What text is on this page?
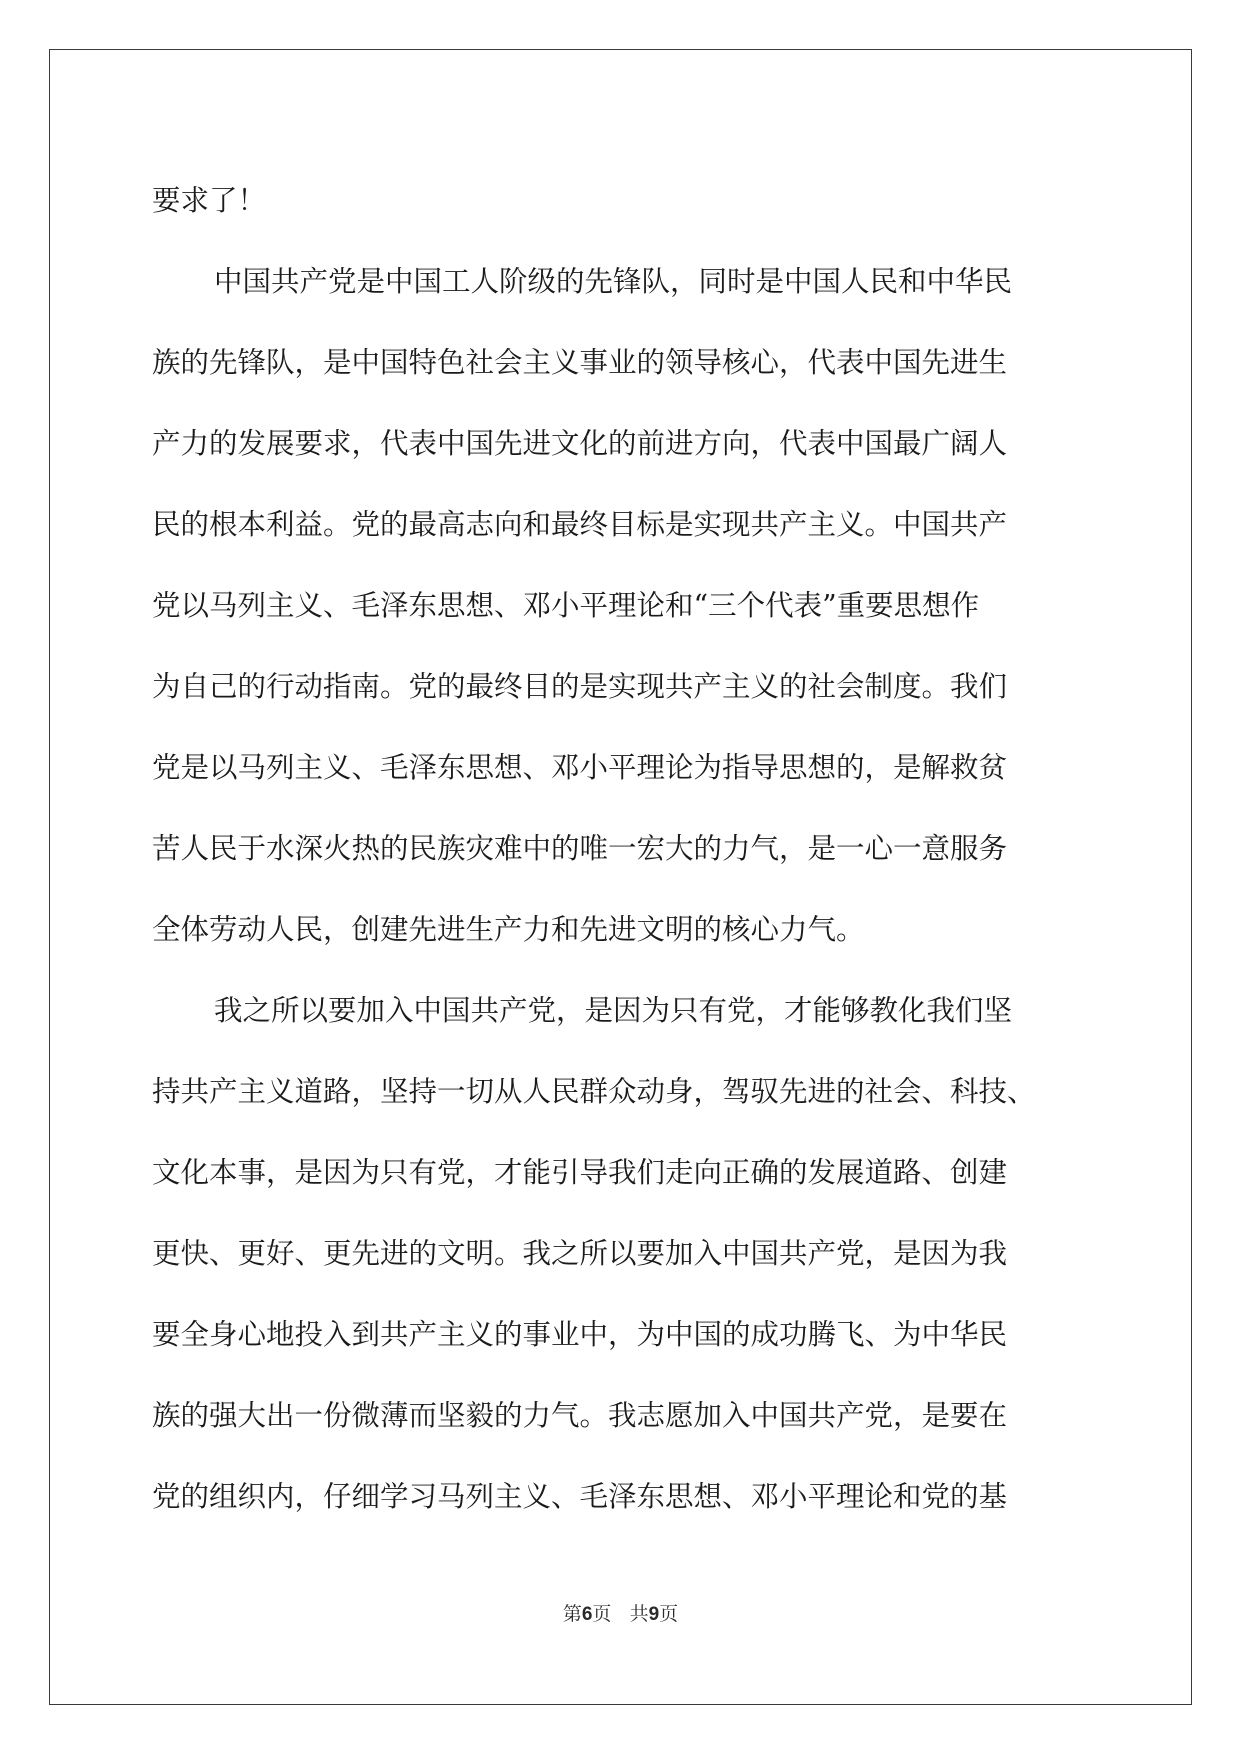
要求了！

中国共产党是中国工人阶级的先锋队，同时是中国人民和中华民

族的先锋队，是中国特色社会主义事业的领导核心，代表中国先进生

产力的发展要求，代表中国先进文化的前进方向，代表中国最广阔人

民的根本利益。党的最高志向和最终目标是实现共产主义。中国共产

党以马列主义、毛泽东思想、邓小平理论和“三个代表”重要思想作

为自己的行动指南。党的最终目的是实现共产主义的社会制度。我们

党是以马列主义、毛泽东思想、邓小平理论为指导思想的，是解救贫

苦人民于水深火热的民族灾难中的唯一宏大的力气，是一心一意服务

全体劳动人民，创建先进生产力和先进文明的核心力气。

我之所以要加入中国共产党，是因为只有党，才能够教化我们坚

持共产主义道路，坚持一切从人民群众动身，驾驭先进的社会、科技、

文化本事，是因为只有党，才能引导我们走向正确的发展道路、创建

更快、更好、更先进的文明。我之所以要加入中国共产党，是因为我

要全身心地投入到共产主义的事业中，为中国的成功腾飞、为中华民

族的强大出一份微薄而坚毅的力气。我志愿加入中国共产党，是要在

党的组织内，仔细学习马列主义、毛泽东思想、邓小平理论和党的基

第6页 共9页
